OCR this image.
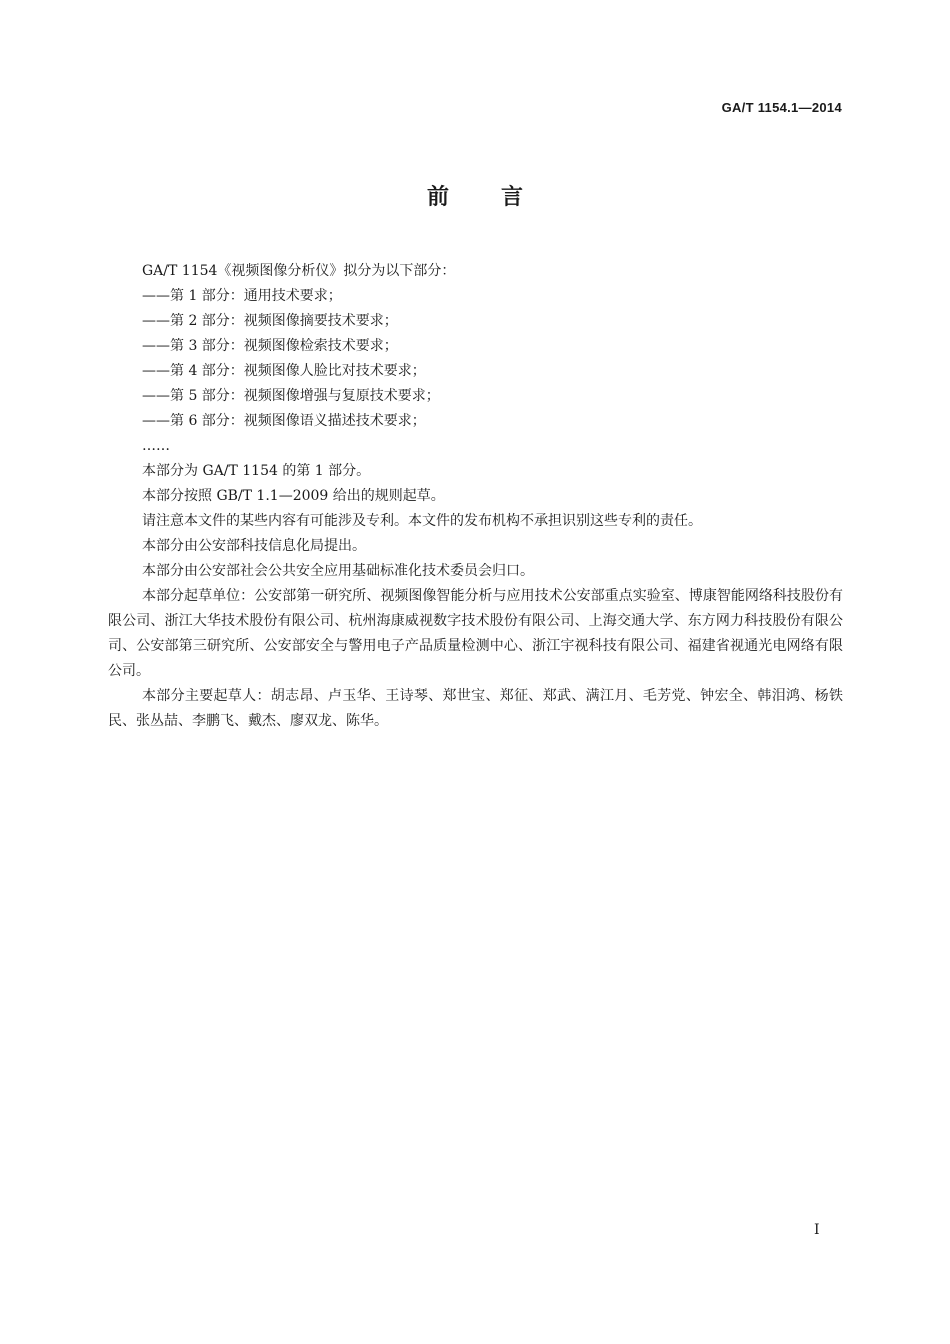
GA/T 1154.1—2014
前 言

GA/T 1154《视频图像分析仪》拟分为以下部分：

——第 1 部分：通用技术要求；

——第 2 部分：视频图像摘要技术要求；

——第 3 部分：视频图像检索技术要求；

——第 4 部分：视频图像人脸比对技术要求；

——第 5 部分：视频图像增强与复原技术要求；

——第 6 部分：视频图像语义描述技术要求；

……

本部分为 GA/T 1154 的第 1 部分。

本部分按照 GB/T 1.1—2009 给出的规则起草。

请注意本文件的某些内容有可能涉及专利。本文件的发布机构不承担识别这些专利的责任。

本部分由公安部科技信息化局提出。

本部分由公安部社会公共安全应用基础标准化技术委员会归口。

本部分起草单位：公安部第一研究所、视频图像智能分析与应用技术公安部重点实验室、博康智能网络科技股份有限公司、浙江大华技术股份有限公司、杭州海康威视数字技术股份有限公司、上海交通大学、东方网力科技股份有限公司、公安部第三研究所、公安部安全与警用电子产品质量检测中心、浙江宇视科技有限公司、福建省视通光电网络有限公司。

本部分主要起草人：胡志昂、卢玉华、王诗琴、郑世宝、郑征、郑武、满江月、毛芳党、钟宏全、韩泪鸿、杨铁民、张丛喆、李鹏飞、戴杰、廖双龙、陈华。

I
